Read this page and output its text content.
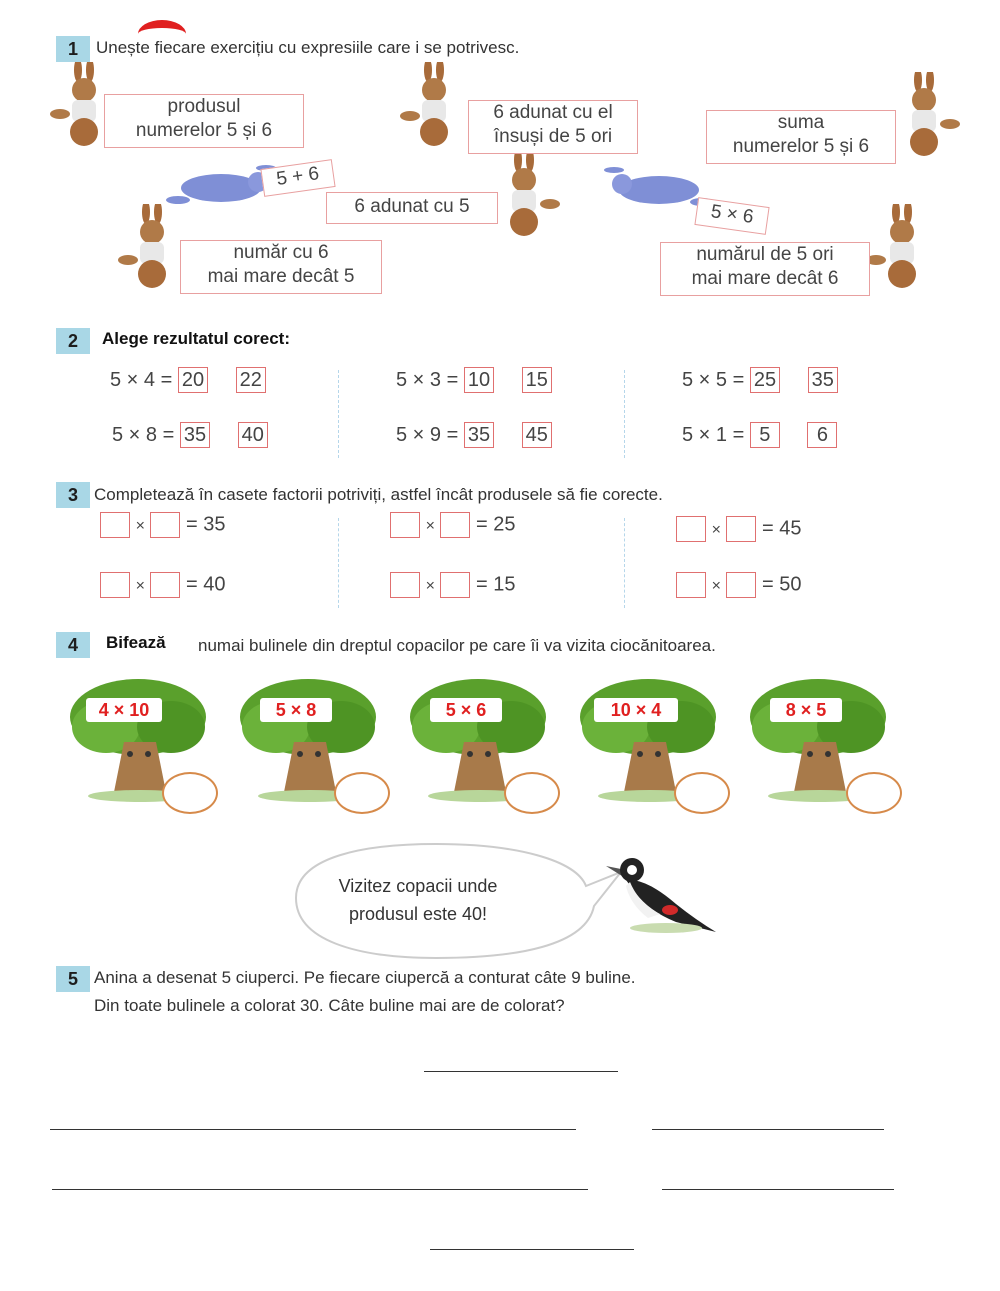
1	Unește fiecare exercițiu cu expresiile care i se potrivesc.
produsul
numerelor 5 și 6
6 adunat cu el
însuși de 5 ori
suma
numerelor 5 și 6
6 adunat cu 5
număr cu 6
mai mare decât 5
numărul de 5 ori
mai mare decât 6
5 + 6
5 × 6
2	Alege rezultatul corect:
5 × 4 = 20 22	5 × 3 = 10 15	5 × 5 = 25 35
5 × 8 = 35 40	5 × 9 = 35 45	5 × 1 = 5 6
3 Completează în casete factorii potriviți, astfel încât produsele să fie corecte.
× = 35	× = 25	× = 45
× = 40	× = 15	× = 50
4	Bifează numai bulinele din dreptul copacilor pe care îi va vizita ciocănitoarea.
4 × 10	5 × 8	5 × 6	10 × 4	8 × 5
Vizitez copacii unde
produsul este 40!
5 Anina a desenat 5 ciuperci. Pe fiecare ciupercă a conturat câte 9 buline.
Din toate bulinele a colorat 30. Câte buline mai are de colorat?
